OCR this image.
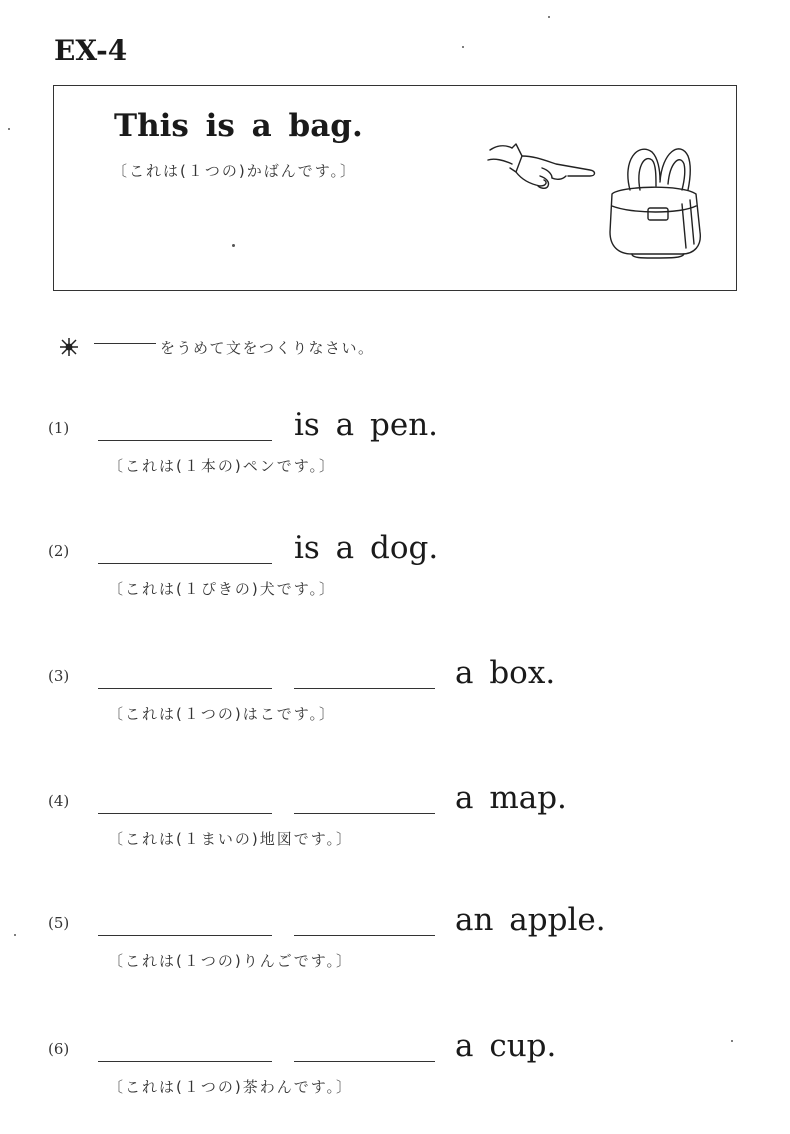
EX-4
This is a bag.
〔これは(１つの)かばんです。〕
をうめて文をつくりなさい。
(1)	is a pen.
〔これは(１本の)ペンです。〕
(2)	is a dog.
〔これは(１ぴきの)犬です。〕
(3)	a box.
〔これは(１つの)はこです。〕
(4)	a map.
〔これは(１まいの)地図です。〕
(5)	an apple.
〔これは(１つの)りんごです。〕
(6)	a cup.
〔これは(１つの)茶わんです。〕
